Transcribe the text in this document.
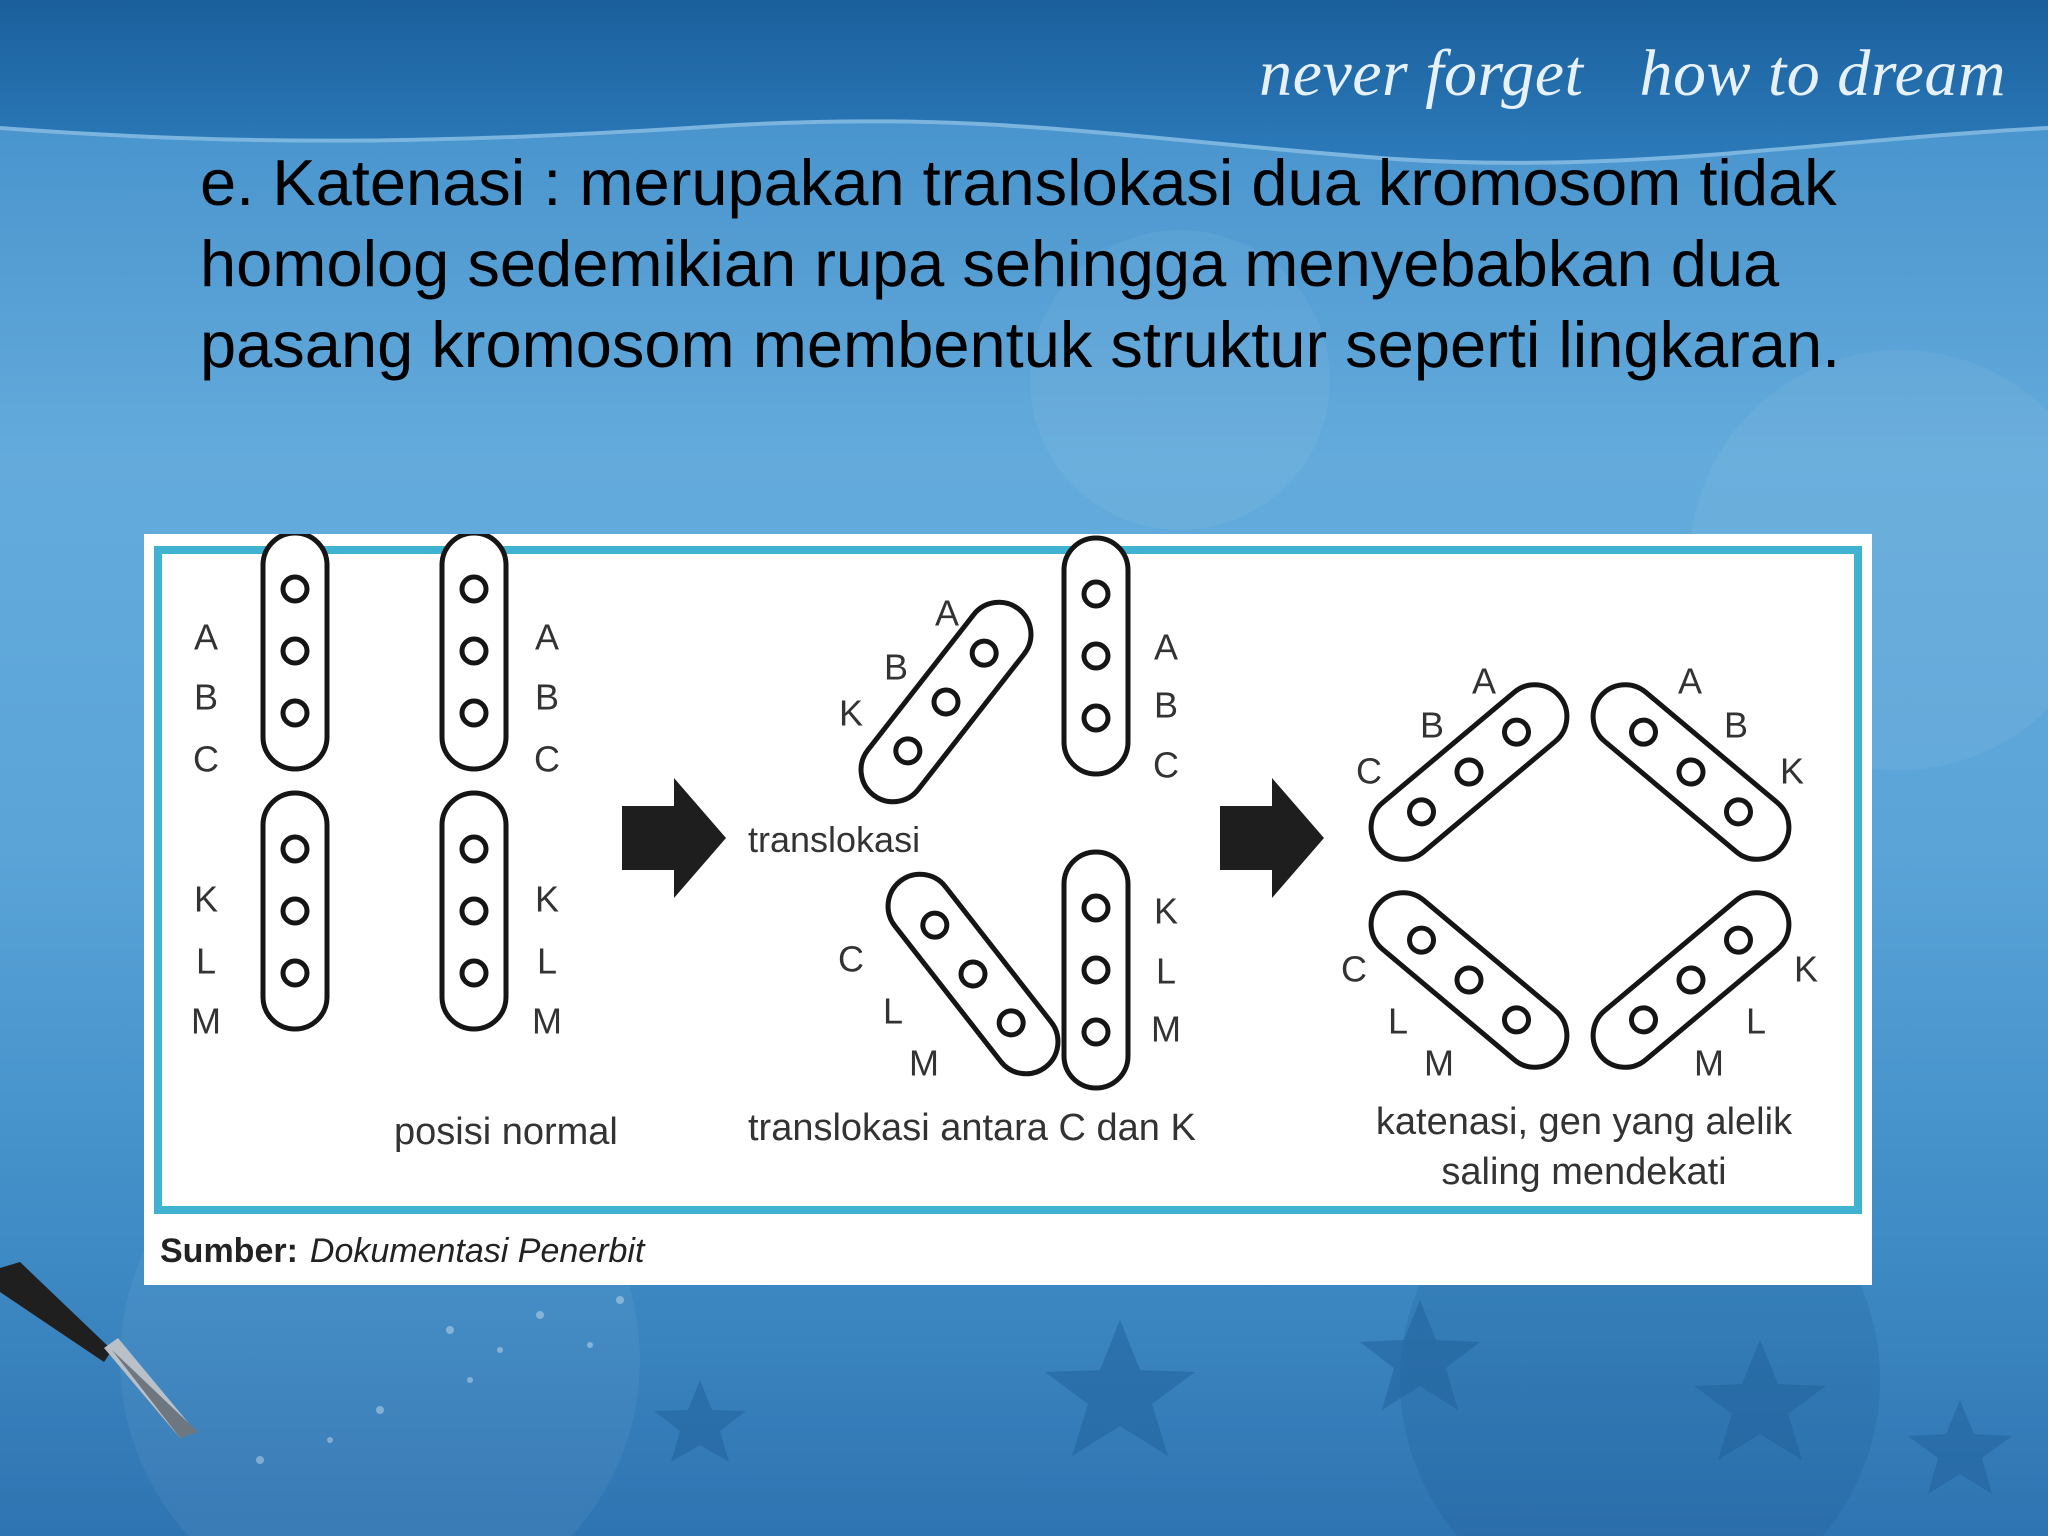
never forget how to dream
e. Katenasi : merupakan translokasi dua kromosom tidak homolog sedemikian rupa sehingga menyebabkan dua pasang kromosom membentuk struktur seperti lingkaran.
A
B
C
A
B
C
K
L
M
K
L
M
A
B
K
A
B
C
C
L
M
K
L
M
A
B
C
A
B
K
C
L
M
K
L
M
translokasi
posisi normal	translokasi antara C dan K	katenasi, gen yang alelik
saling mendekati
Sumber: Dokumentasi Penerbit
